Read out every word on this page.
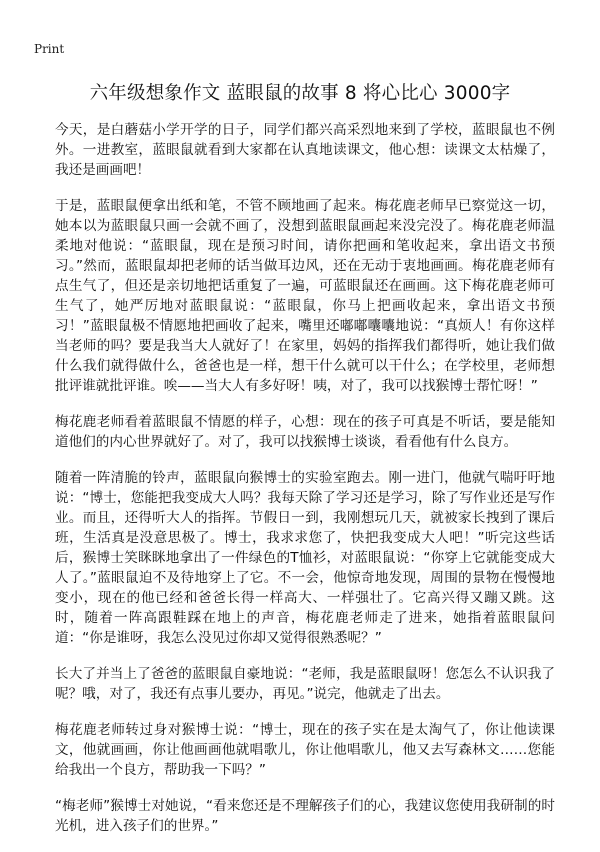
Print
六年级想象作文 蓝眼鼠的故事 8 将心比心 3000字

今天，是白蘑菇小学开学的日子，同学们都兴高采烈地来到了学校，蓝眼鼠也不例外。一进教室，蓝眼鼠就看到大家都在认真地读课文，他心想：读课文太枯燥了，我还是画画吧！

于是，蓝眼鼠便拿出纸和笔，不管不顾地画了起来。梅花鹿老师早已察觉这一切，她本以为蓝眼鼠只画一会就不画了，没想到蓝眼鼠画起来没完没了。梅花鹿老师温柔地对他说：“蓝眼鼠，现在是预习时间，请你把画和笔收起来，拿出语文书预习。”然而，蓝眼鼠却把老师的话当做耳边风，还在无动于衷地画画。梅花鹿老师有点生气了，但还是亲切地把话重复了一遍，可蓝眼鼠还在画画。这下梅花鹿老师可生气了，她严厉地对蓝眼鼠说：“蓝眼鼠，你马上把画收起来，拿出语文书预习！”蓝眼鼠极不情愿地把画收了起来，嘴里还嘟嘟囔囔地说：“真烦人！有你这样当老师的吗？要是我当大人就好了！在家里，妈妈的指挥我们都得听，她让我们做什么我们就得做什么，爸爸也是一样，想干什么就可以干什么；在学校里，老师想批评谁就批评谁。唉——当大人有多好呀！咦，对了，我可以找猴博士帮忙呀！”

梅花鹿老师看着蓝眼鼠不情愿的样子，心想：现在的孩子可真是不听话，要是能知道他们的内心世界就好了。对了，我可以找猴博士谈谈，看看他有什么良方。

随着一阵清脆的铃声，蓝眼鼠向猴博士的实验室跑去。刚一进门，他就气喘吁吁地说：“博士，您能把我变成大人吗？我每天除了学习还是学习，除了写作业还是写作业。而且，还得听大人的指挥。节假日一到，我刚想玩几天，就被家长拽到了课后班，生活真是没意思极了。博士，我求求您了，快把我变成大人吧！”听完这些话后，猴博士笑眯眯地拿出了一件绿色的T恤衫，对蓝眼鼠说：“你穿上它就能变成大人了。”蓝眼鼠迫不及待地穿上了它。不一会，他惊奇地发现，周围的景物在慢慢地变小，现在的他已经和爸爸长得一样高大、一样强壮了。它高兴得又蹦又跳。这时，随着一阵高跟鞋踩在地上的声音，梅花鹿老师走了进来，她指着蓝眼鼠问道：“你是谁呀，我怎么没见过你却又觉得很熟悉呢？”

长大了并当上了爸爸的蓝眼鼠自豪地说：“老师，我是蓝眼鼠呀！您怎么不认识我了呢？哦，对了，我还有点事儿要办，再见。”说完，他就走了出去。

梅花鹿老师转过身对猴博士说：“博士，现在的孩子实在是太淘气了，你让他读课文，他就画画，你让他画画他就唱歌儿，你让他唱歌儿，他又去写森林文……您能给我出一个良方，帮助我一下吗？”

“梅老师”猴博士对她说，“看来您还是不理解孩子们的心，我建议您使用我研制的时光机，进入孩子们的世界。”
